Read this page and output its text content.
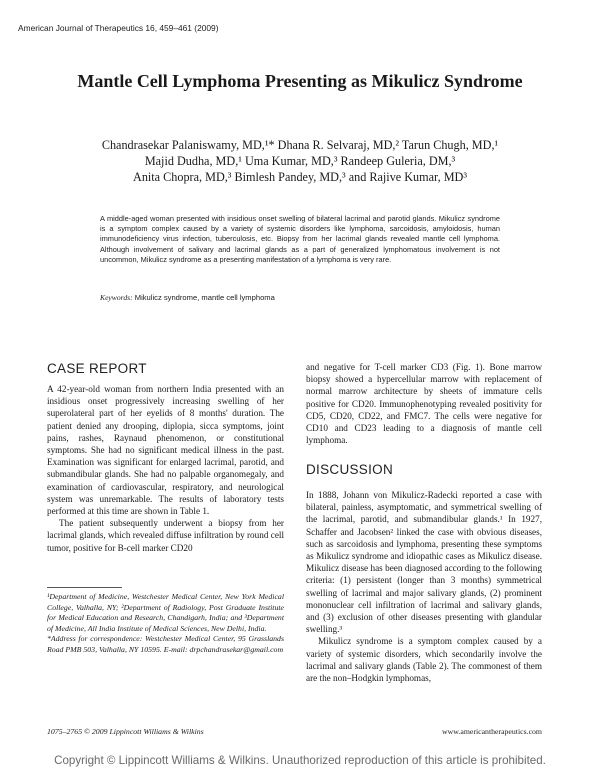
American Journal of Therapeutics 16, 459–461 (2009)
Mantle Cell Lymphoma Presenting as Mikulicz Syndrome
Chandrasekar Palaniswamy, MD,¹* Dhana R. Selvaraj, MD,² Tarun Chugh, MD,¹
Majid Dudha, MD,¹ Uma Kumar, MD,³ Randeep Guleria, DM,³
Anita Chopra, MD,³ Bimlesh Pandey, MD,³ and Rajive Kumar, MD³
A middle-aged woman presented with insidious onset swelling of bilateral lacrimal and parotid glands. Mikulicz syndrome is a symptom complex caused by a variety of systemic disorders like lymphoma, sarcoidosis, amyloidosis, human immunodeficiency virus infection, tuberculosis, etc. Biopsy from her lacrimal glands revealed mantle cell lymphoma. Although involvement of salivary and lacrimal glands as a part of generalized lymphomatous involvement is not uncommon, Mikulicz syndrome as a presenting manifestation of a lymphoma is very rare.
Keywords: Mikulicz syndrome, mantle cell lymphoma
CASE REPORT

A 42-year-old woman from northern India presented with an insidious onset progressively increasing swelling of her superolateral part of her eyelids of 8 months' duration. The patient denied any drooping, diplopia, sicca symptoms, joint pains, rashes, Raynaud phenomenon, or constitutional symptoms. She had no significant medical illness in the past. Examination was significant for enlarged lacrimal, parotid, and submandibular glands. She had no palpable organomegaly, and examination of cardiovascular, respiratory, and neurological system was unremarkable. The results of laboratory tests performed at this time are shown in Table 1.

The patient subsequently underwent a biopsy from her lacrimal glands, which revealed diffuse infiltration by round cell tumor, positive for B-cell marker CD20

¹Department of Medicine, Westchester Medical Center, New York Medical College, Valhalla, NY; ²Department of Radiology, Post Graduate Institute for Medical Education and Research, Chandigarh, India; and ³Department of Medicine, All India Institute of Medical Sciences, New Delhi, India.

*Address for correspondence: Westchester Medical Center, 95 Grasslands Road PMB 503, Valhalla, NY 10595. E-mail: drpchandrasekar@gmail.com

and negative for T-cell marker CD3 (Fig. 1). Bone marrow biopsy showed a hypercellular marrow with replacement of normal marrow architecture by sheets of immature cells positive for CD20. Immunophenotyping revealed positivity for CD5, CD20, CD22, and FMC7. The cells were negative for CD10 and CD23 leading to a diagnosis of mantle cell lymphoma.

DISCUSSION

In 1888, Johann von Mikulicz-Radecki reported a case with bilateral, painless, asymptomatic, and symmetrical swelling of the lacrimal, parotid, and submandibular glands.¹ In 1927, Schaffer and Jacobsen² linked the case with obvious diseases, such as sarcoidosis and lymphoma, presenting these symptoms as Mikulicz syndrome and idiopathic cases as Mikulicz disease. Mikulicz disease has been diagnosed according to the following criteria: (1) persistent (longer than 3 months) symmetrical swelling of lacrimal and major salivary glands, (2) prominent mononuclear cell infiltration of lacrimal and salivary glands, and (3) exclusion of other diseases presenting with glandular swelling.³

Mikulicz syndrome is a symptom complex caused by a variety of systemic disorders, which secondarily involve the lacrimal and salivary glands (Table 2). The commonest of them are the non–Hodgkin lymphomas,

1075–2765 © 2009 Lippincott Williams & Wilkins	www.americantherapeutics.com
Copyright © Lippincott Williams & Wilkins. Unauthorized reproduction of this article is prohibited.
